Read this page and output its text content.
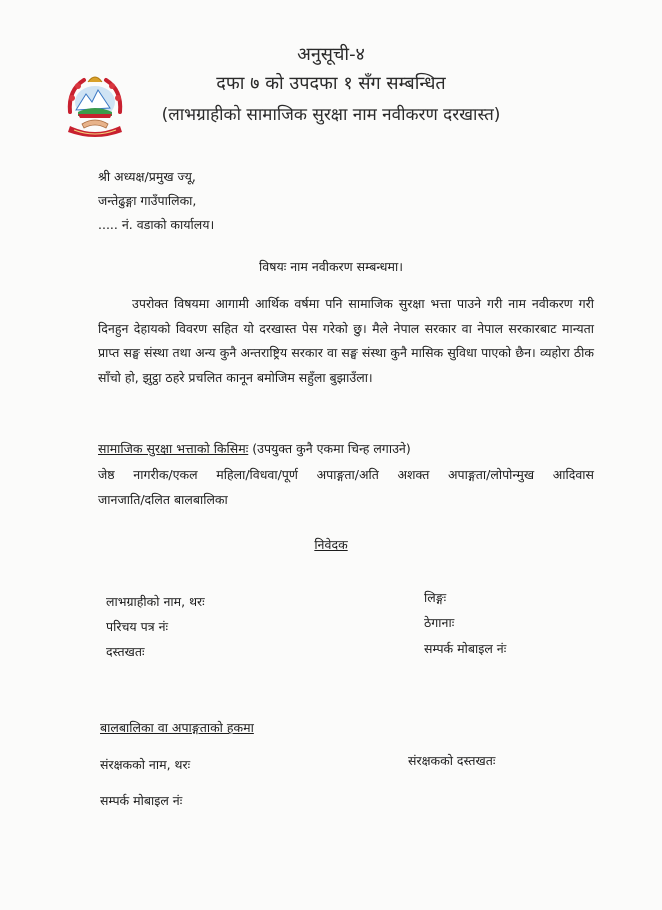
अनुसूची-४
दफा ७ को उपदफा १ सँग सम्बन्धित
(लाभग्राहीको सामाजिक सुरक्षा नाम नवीकरण दरखास्त)
श्री अध्यक्ष/प्रमुख ज्यू,
जन्तेढुङ्गा गाउँपालिका,
..... नं. वडाको कार्यालय।
विषयः नाम नवीकरण सम्बन्धमा।
उपरोक्त विषयमा आगामी आर्थिक वर्षमा पनि सामाजिक सुरक्षा भत्ता पाउने गरी नाम नवीकरण गरी दिनहुन देहायको विवरण सहित यो दरखास्त पेस गरेको छु। मैले नेपाल सरकार वा नेपाल सरकारबाट मान्यता प्राप्त सङ्घ संस्था तथा अन्य कुनै अन्तराष्ट्रिय सरकार वा सङ्घ संस्था कुनै मासिक सुविधा पाएको छैन। व्यहोरा ठीक साँचो हो, झुट्ठा ठहरे प्रचलित कानून बमोजिम सहुँला बुझाउँला।
सामाजिक सुरक्षा भत्ताको किसिमः (उपयुक्त कुनै एकमा चिन्ह लगाउने)
जेष्ठ नागरीक/एकल महिला/विधवा/पूर्ण अपाङ्गता/अति अशक्त अपाङ्गता/लोपोन्मुख आदिवास
जानजाति/दलित बालबालिका
निवेदक
लाभग्राहीको नाम, थरः	लिङ्गः
परिचय पत्र नंः	ठेगानाः
दस्तखतः	सम्पर्क मोबाइल नंः
बालबालिका वा अपाङ्गताको हकमा
संरक्षकको नाम, थरः	संरक्षकको दस्तखतः
सम्पर्क मोबाइल नंः
